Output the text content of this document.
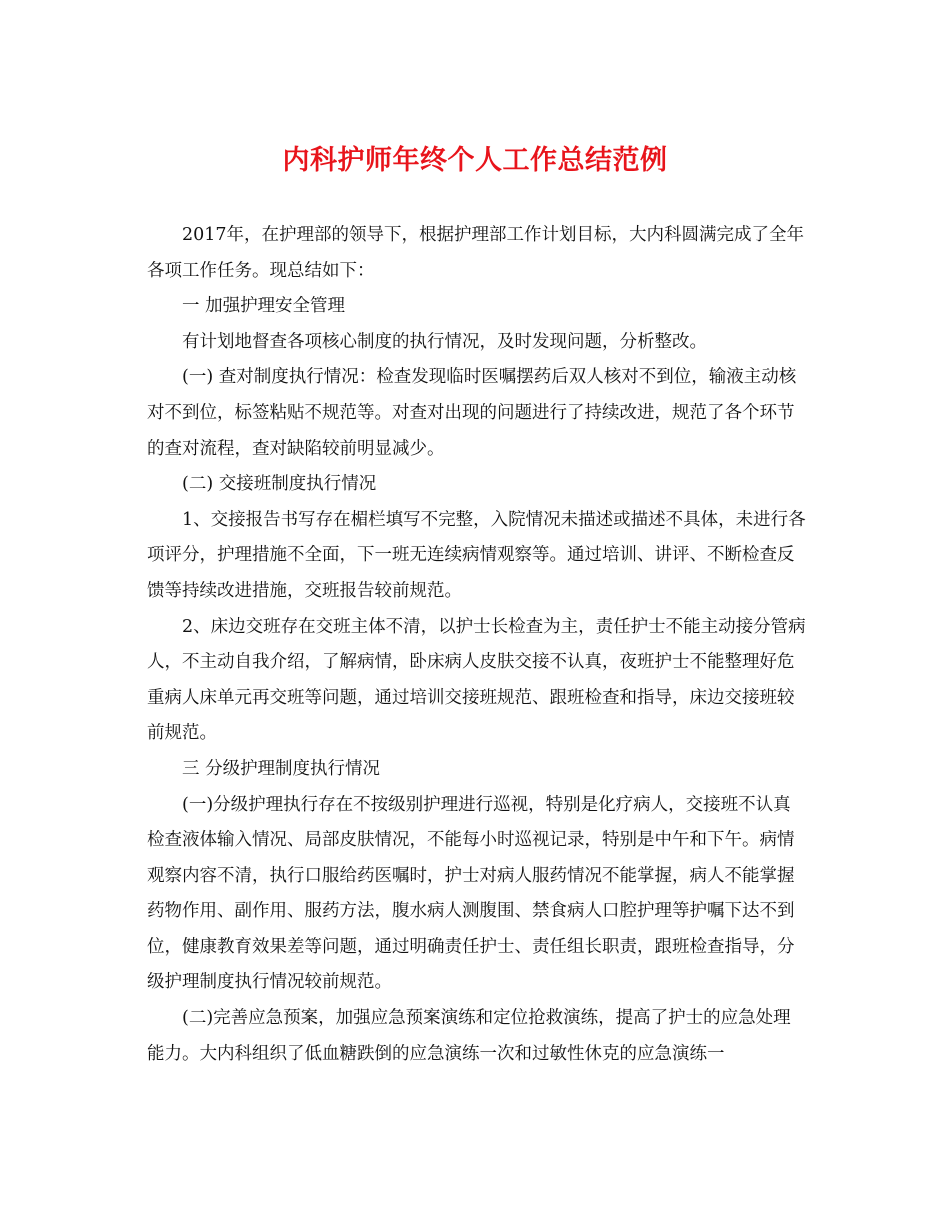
内科护师年终个人工作总结范例

2017年，在护理部的领导下，根据护理部工作计划目标，大内科圆满完成了全年各项工作任务。现总结如下：

一 加强护理安全管理

有计划地督查各项核心制度的执行情况，及时发现问题，分析整改。

(一) 查对制度执行情况：检查发现临时医嘱摆药后双人核对不到位，输液主动核对不到位，标签粘贴不规范等。对查对出现的问题进行了持续改进，规范了各个环节的查对流程，查对缺陷较前明显减少。

(二) 交接班制度执行情况

1、交接报告书写存在楣栏填写不完整，入院情况未描述或描述不具体，未进行各项评分，护理措施不全面，下一班无连续病情观察等。通过培训、讲评、不断检查反馈等持续改进措施，交班报告较前规范。

2、床边交班存在交班主体不清，以护士长检查为主，责任护士不能主动接分管病人，不主动自我介绍，了解病情，卧床病人皮肤交接不认真，夜班护士不能整理好危重病人床单元再交班等问题，通过培训交接班规范、跟班检查和指导，床边交接班较前规范。

三 分级护理制度执行情况

(一)分级护理执行存在不按级别护理进行巡视，特别是化疗病人，交接班不认真检查液体输入情况、局部皮肤情况，不能每小时巡视记录，特别是中午和下午。病情观察内容不清，执行口服给药医嘱时，护士对病人服药情况不能掌握，病人不能掌握药物作用、副作用、服药方法，腹水病人测腹围、禁食病人口腔护理等护嘱下达不到位，健康教育效果差等问题，通过明确责任护士、责任组长职责，跟班检查指导，分级护理制度执行情况较前规范。

(二)完善应急预案，加强应急预案演练和定位抢救演练，提高了护士的应急处理能力。大内科组织了低血糖跌倒的应急演练一次和过敏性休克的应急演练一
